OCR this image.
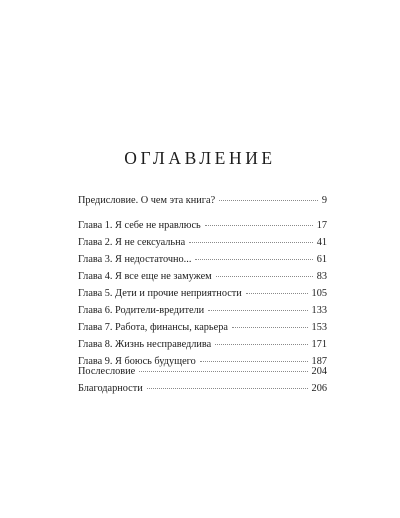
ОГЛАВЛЕНИЕ
Предисловие. О чем эта книга?	9
Глава 1. Я себе не нравлюсь	17
Глава 2. Я не сексуальна	41
Глава 3. Я недостаточно...	61
Глава 4. Я все еще не замужем	83
Глава 5. Дети и прочие неприятности	105
Глава 6. Родители-вредители	133
Глава 7. Работа, финансы, карьера	153
Глава 8. Жизнь несправедлива	171
Глава 9. Я боюсь будущего	187
Послесловие	204
Благодарности	206
